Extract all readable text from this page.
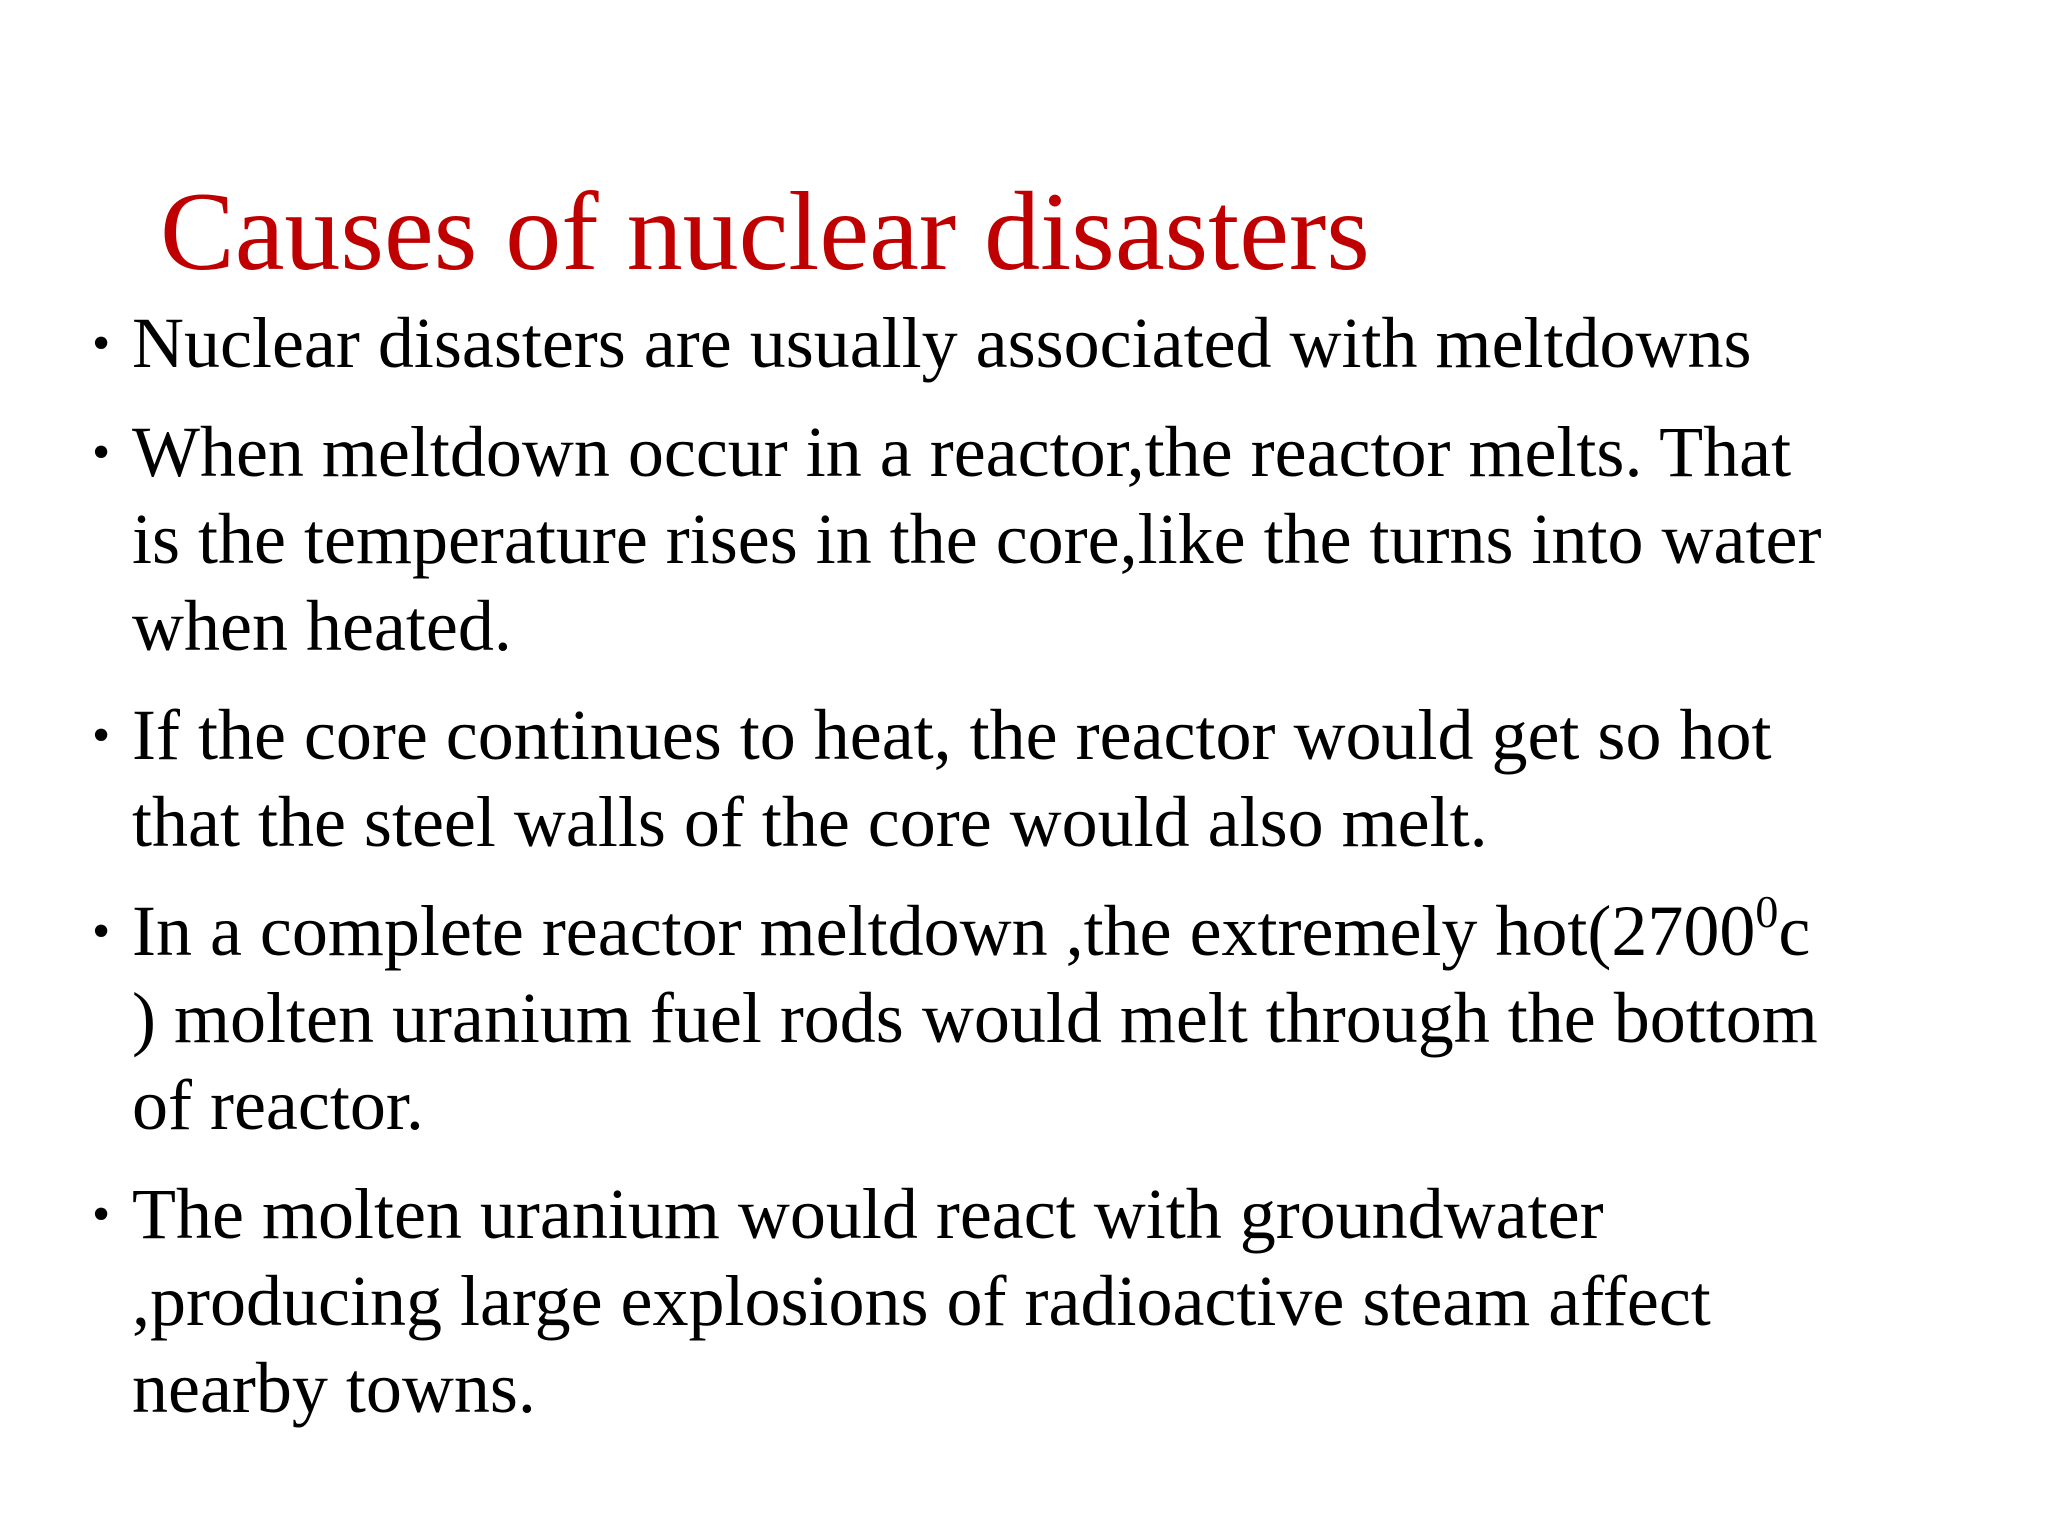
Causes of nuclear disasters
• Nuclear disasters are usually associated with meltdowns
• When meltdown occur in a reactor,the reactor melts. That
is the temperature rises in the core,like the turns into water
when heated.
• If the core continues to heat, the reactor would get so hot
that the steel walls of the core would also melt.
• In a complete reactor meltdown ,the extremely hot(2700$^0$c
) molten uranium fuel rods would melt through the bottom
of reactor.
• The molten uranium would react with groundwater
,producing large explosions of radioactive steam affect
nearby towns.
